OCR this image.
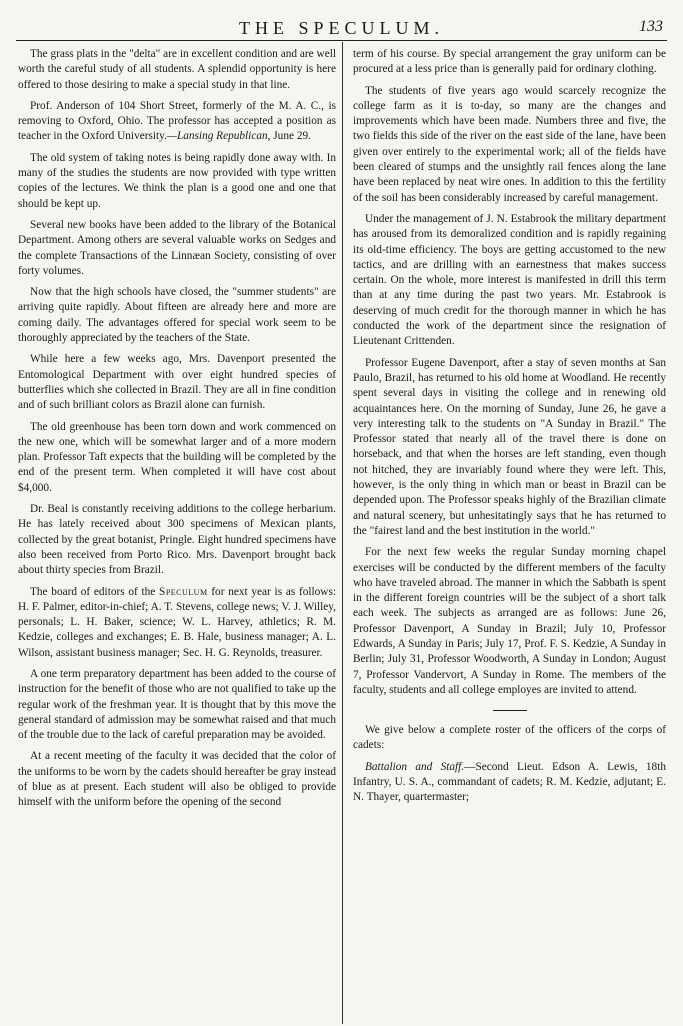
THE SPECULUM.	133

The grass plats in the "delta" are in excellent condition and are well worth the careful study of all students. A splendid opportunity is here offered to those desiring to make a special study in that line.

Prof. Anderson of 104 Short Street, formerly of the M. A. C., is removing to Oxford, Ohio. The professor has accepted a position as teacher in the Oxford University.—Lansing Republican, June 29.

The old system of taking notes is being rapidly done away with. In many of the studies the students are now provided with type written copies of the lectures. We think the plan is a good one and one that should be kept up.

Several new books have been added to the library of the Botanical Department. Among others are several valuable works on Sedges and the complete Transactions of the Linnæan Society, consisting of over forty volumes.

Now that the high schools have closed, the "summer students" are arriving quite rapidly. About fifteen are already here and more are coming daily. The advantages offered for special work seem to be thoroughly appreciated by the teachers of the State.

While here a few weeks ago, Mrs. Davenport presented the Entomological Department with over eight hundred species of butterflies which she collected in Brazil. They are all in fine condition and of such brilliant colors as Brazil alone can furnish.

The old greenhouse has been torn down and work commenced on the new one, which will be somewhat larger and of a more modern plan. Professor Taft expects that the building will be completed by the end of the present term. When completed it will have cost about $4,000.

Dr. Beal is constantly receiving additions to the college herbarium. He has lately received about 300 specimens of Mexican plants, collected by the great botanist, Pringle. Eight hundred specimens have also been received from Porto Rico. Mrs. Davenport brought back about thirty species from Brazil.

The board of editors of the Speculum for next year is as follows: H. F. Palmer, editor-in-chief; A. T. Stevens, college news; V. J. Willey, personals; L. H. Baker, science; W. L. Harvey, athletics; R. M. Kedzie, colleges and exchanges; E. B. Hale, business manager; A. L. Wilson, assistant business manager; Sec. H. G. Reynolds, treasurer.

A one term preparatory department has been added to the course of instruction for the benefit of those who are not qualified to take up the regular work of the freshman year. It is thought that by this move the general standard of admission may be somewhat raised and that much of the trouble due to the lack of careful preparation may be avoided.

At a recent meeting of the faculty it was decided that the color of the uniforms to be worn by the cadets should hereafter be gray instead of blue as at present. Each student will also be obliged to provide himself with the uniform before the opening of the second

term of his course. By special arrangement the gray uniform can be procured at a less price than is generally paid for ordinary clothing.

The students of five years ago would scarcely recognize the college farm as it is to-day, so many are the changes and improvements which have been made. Numbers three and five, the two fields this side of the river on the east side of the lane, have been given over entirely to the experimental work; all of the fields have been cleared of stumps and the unsightly rail fences along the lane have been replaced by neat wire ones. In addition to this the fertility of the soil has been considerably increased by careful management.

Under the management of J. N. Estabrook the military department has aroused from its demoralized condition and is rapidly regaining its old-time efficiency. The boys are getting accustomed to the new tactics, and are drilling with an earnestness that makes success certain. On the whole, more interest is manifested in drill this term than at any time during the past two years. Mr. Estabrook is deserving of much credit for the thorough manner in which he has conducted the work of the department since the resignation of Lieutenant Crittenden.

Professor Eugene Davenport, after a stay of seven months at San Paulo, Brazil, has returned to his old home at Woodland. He recently spent several days in visiting the college and in renewing old acquaintances here. On the morning of Sunday, June 26, he gave a very interesting talk to the students on "A Sunday in Brazil." The Professor stated that nearly all of the travel there is done on horseback, and that when the horses are left standing, even though not hitched, they are invariably found where they were left. This, however, is the only thing in which man or beast in Brazil can be depended upon. The Professor speaks highly of the Brazilian climate and natural scenery, but unhesitatingly says that he has returned to the "fairest land and the best institution in the world."

For the next few weeks the regular Sunday morning chapel exercises will be conducted by the different members of the faculty who have traveled abroad. The manner in which the Sabbath is spent in the different foreign countries will be the subject of a short talk each week. The subjects as arranged are as follows: June 26, Professor Davenport, A Sunday in Brazil; July 10, Professor Edwards, A Sunday in Paris; July 17, Prof. F. S. Kedzie, A Sunday in Berlin; July 31, Professor Woodworth, A Sunday in London; August 7, Professor Vandervort, A Sunday in Rome. The members of the faculty, students and all college employes are invited to attend.

We give below a complete roster of the officers of the corps of cadets:

Battalion and Staff.—Second Lieut. Edson A. Lewis, 18th Infantry, U. S. A., commandant of cadets; R. M. Kedzie, adjutant; E. N. Thayer, quartermaster;
